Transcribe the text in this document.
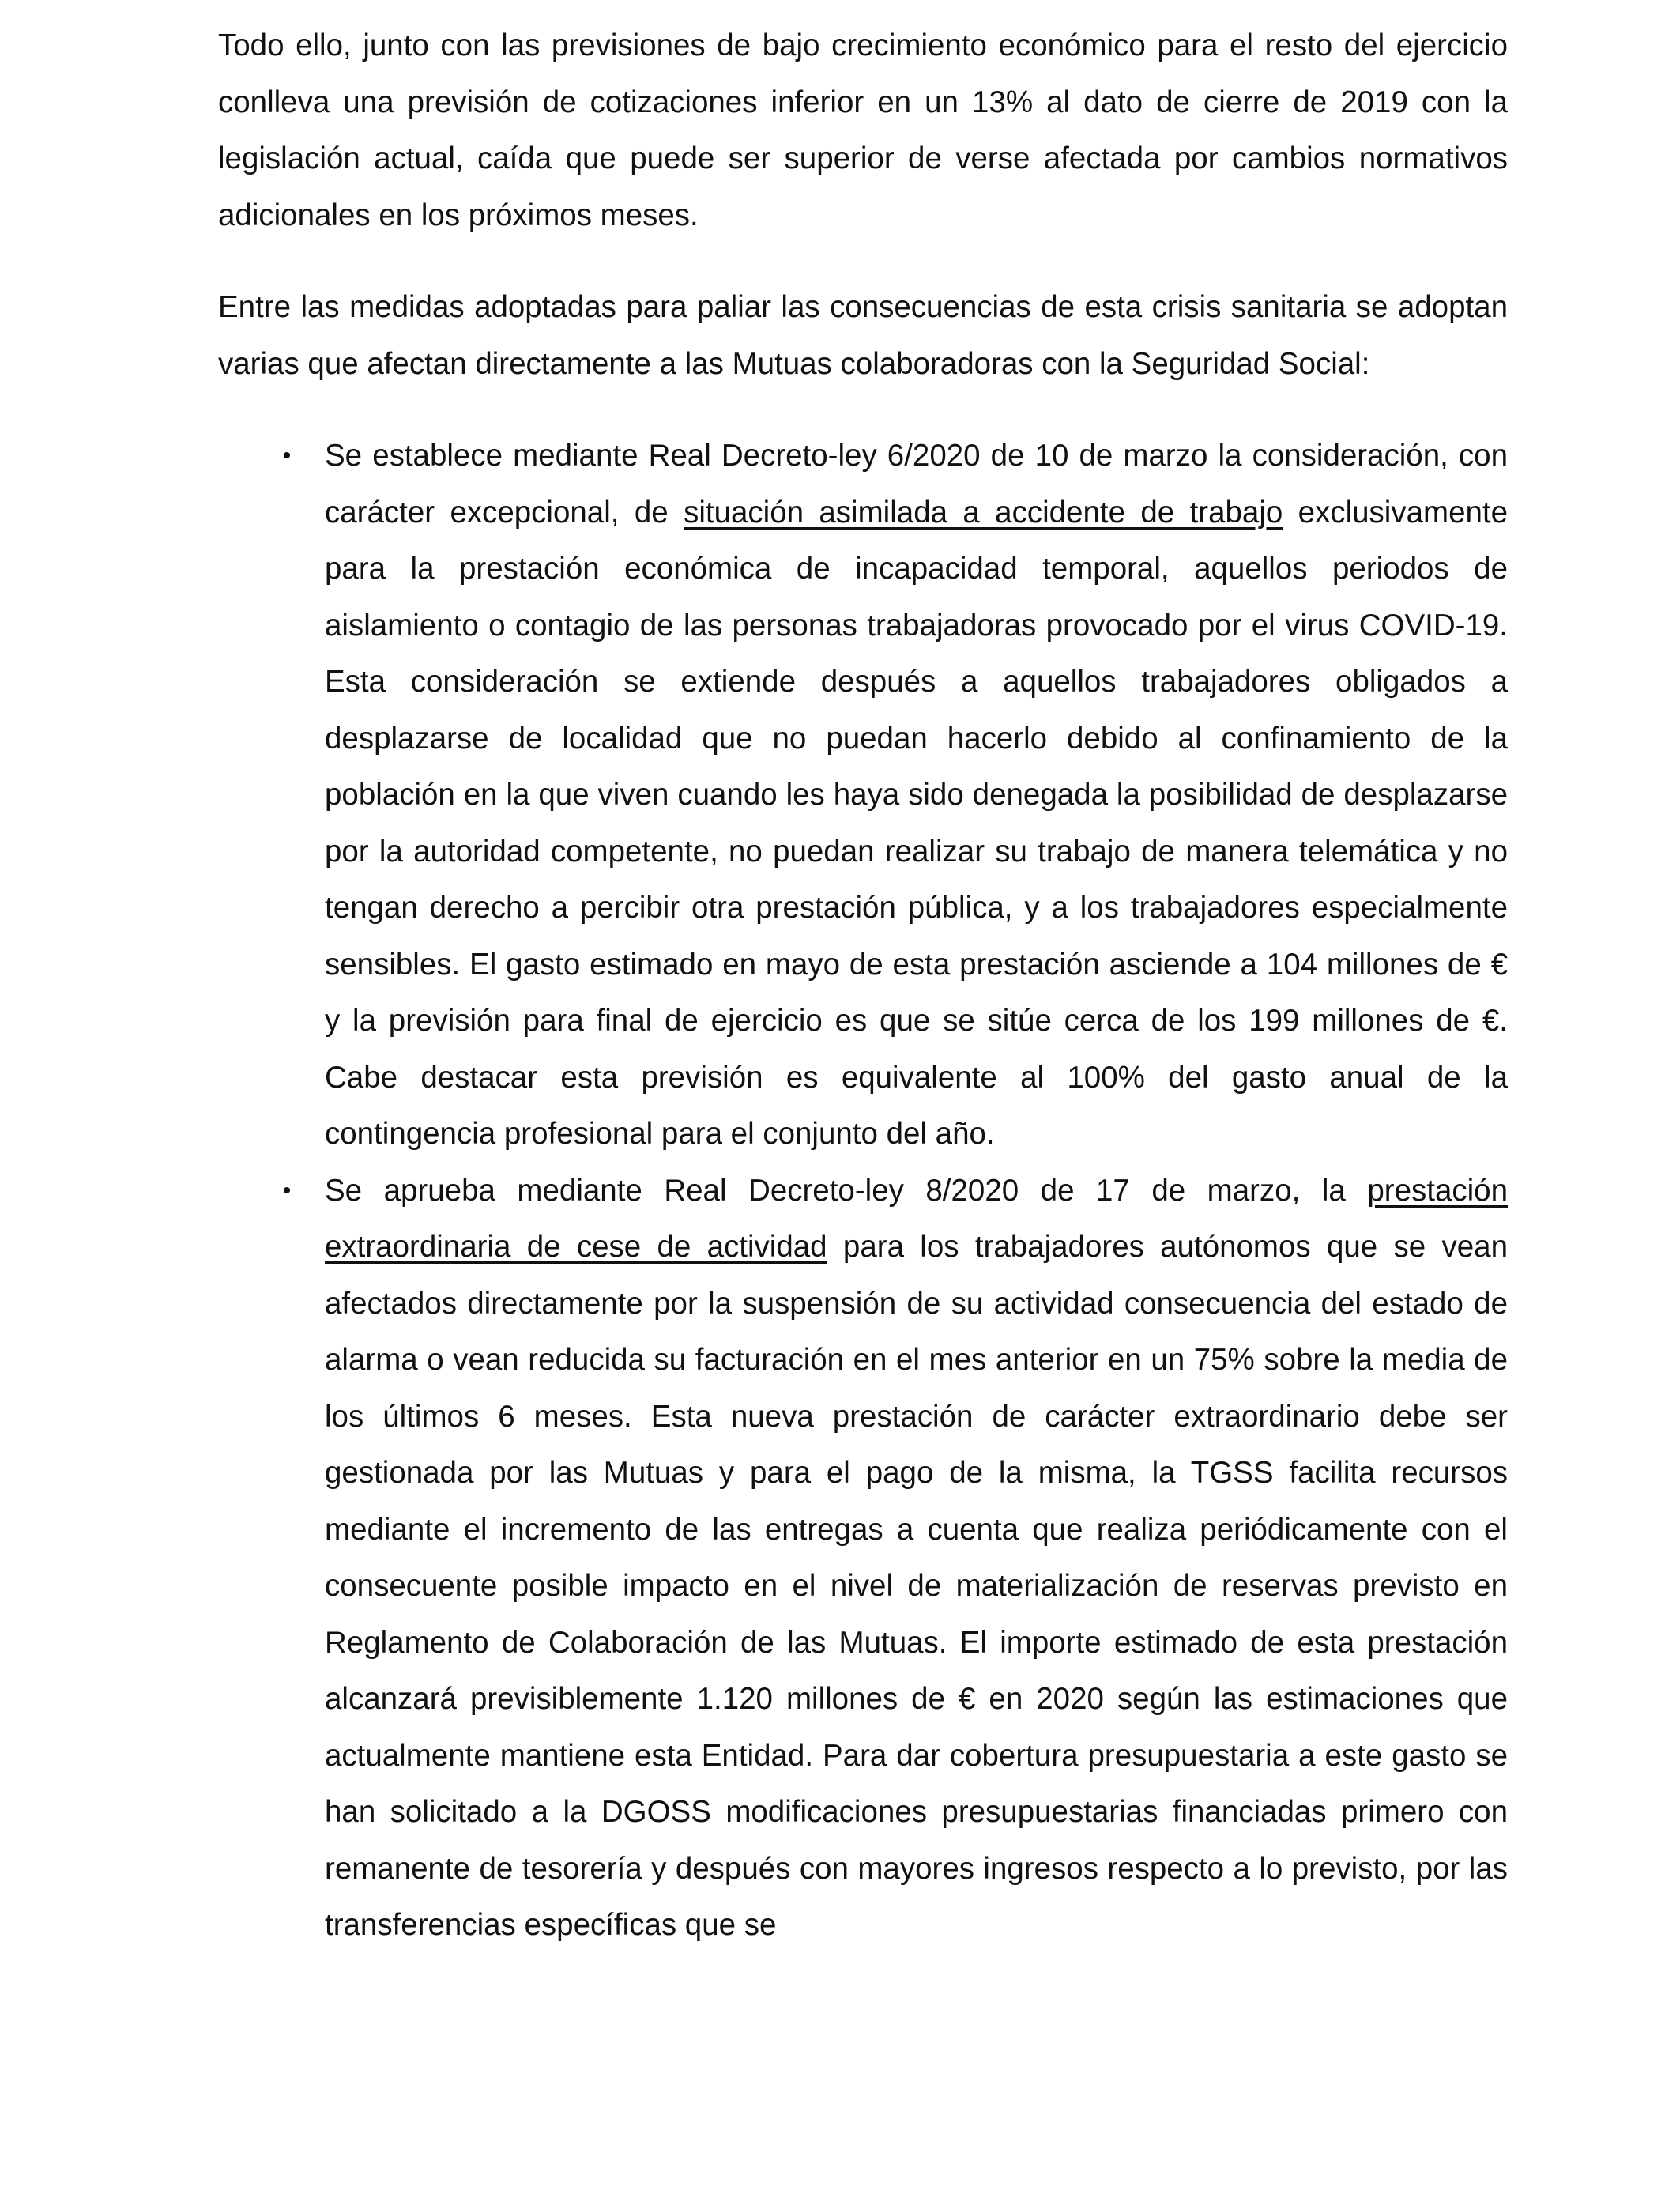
Todo ello, junto con las previsiones de bajo crecimiento económico para el resto del ejercicio conlleva una previsión de cotizaciones inferior en un 13% al dato de cierre de 2019 con la legislación actual, caída que puede ser superior de verse afectada por cambios normativos adicionales en los próximos meses.

Entre las medidas adoptadas para paliar las consecuencias de esta crisis sanitaria se adoptan varias que afectan directamente a las Mutuas colaboradoras con la Seguridad Social:

• Se establece mediante Real Decreto-ley 6/2020 de 10 de marzo la consideración, con carácter excepcional, de situación asimilada a accidente de trabajo exclusivamente para la prestación económica de incapacidad temporal, aquellos periodos de aislamiento o contagio de las personas trabajadoras provocado por el virus COVID-19. Esta consideración se extiende después a aquellos trabajadores obligados a desplazarse de localidad que no puedan hacerlo debido al confinamiento de la población en la que viven cuando les haya sido denegada la posibilidad de desplazarse por la autoridad competente, no puedan realizar su trabajo de manera telemática y no tengan derecho a percibir otra prestación pública, y a los trabajadores especialmente sensibles. El gasto estimado en mayo de esta prestación asciende a 104 millones de € y la previsión para final de ejercicio es que se sitúe cerca de los 199 millones de €. Cabe destacar esta previsión es equivalente al 100% del gasto anual de la contingencia profesional para el conjunto del año.
• Se aprueba mediante Real Decreto-ley 8/2020 de 17 de marzo, la prestación extraordinaria de cese de actividad para los trabajadores autónomos que se vean afectados directamente por la suspensión de su actividad consecuencia del estado de alarma o vean reducida su facturación en el mes anterior en un 75% sobre la media de los últimos 6 meses. Esta nueva prestación de carácter extraordinario debe ser gestionada por las Mutuas y para el pago de la misma, la TGSS facilita recursos mediante el incremento de las entregas a cuenta que realiza periódicamente con el consecuente posible impacto en el nivel de materialización de reservas previsto en Reglamento de Colaboración de las Mutuas. El importe estimado de esta prestación alcanzará previsiblemente 1.120 millones de € en 2020 según las estimaciones que actualmente mantiene esta Entidad. Para dar cobertura presupuestaria a este gasto se han solicitado a la DGOSS modificaciones presupuestarias financiadas primero con remanente de tesorería y después con mayores ingresos respecto a lo previsto, por las transferencias específicas que se
